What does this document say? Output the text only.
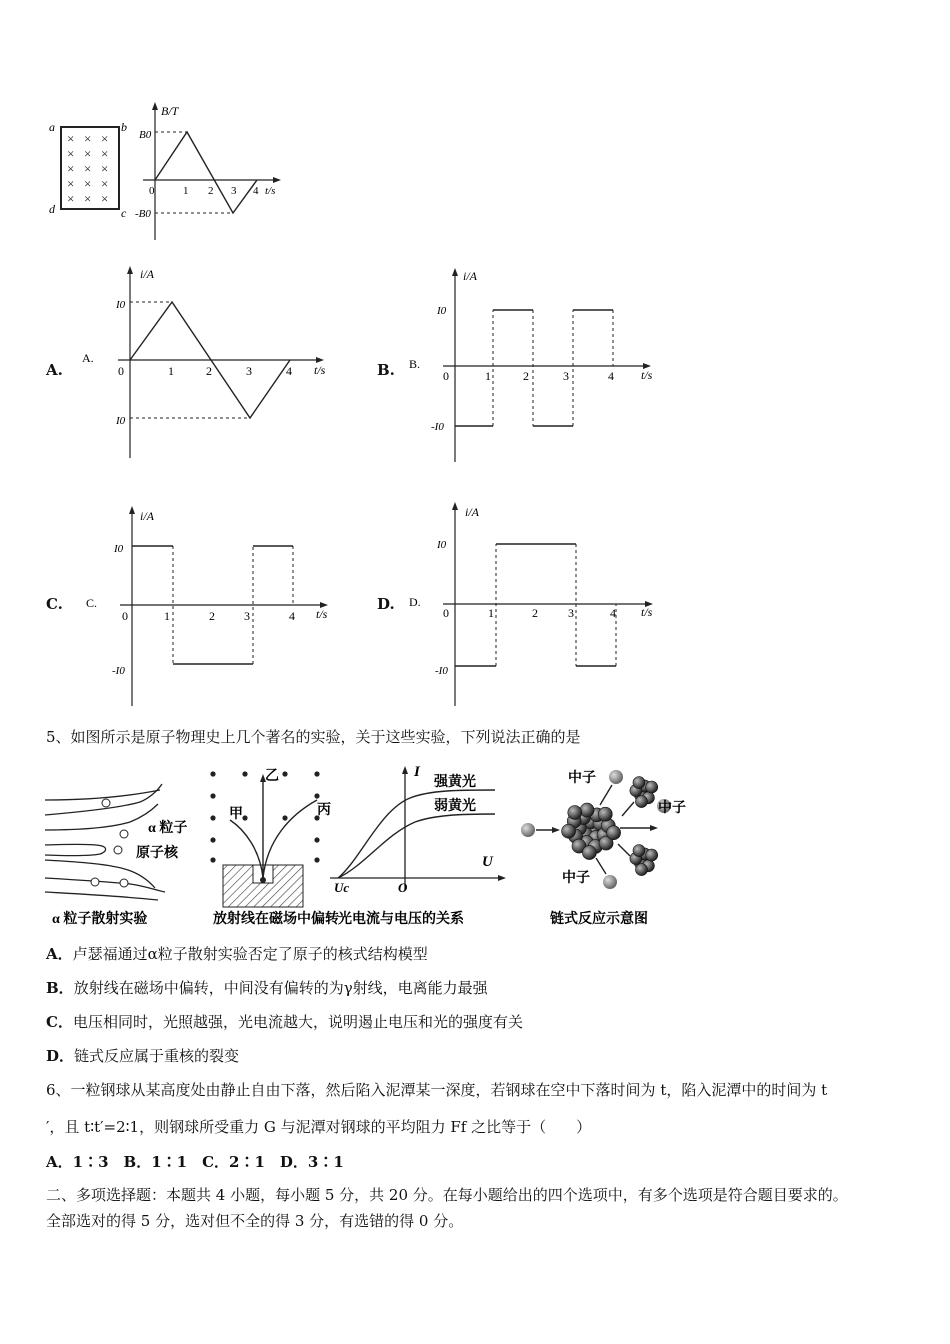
a	b
c
d
× × ×
× × ×
× × ×
× × ×
× × ×
B/T
t/s
B0
-B0
0	1 2 3 4
A.
i/A
t/s
A.
I0
I0
0	1	2	3	4	B.
i/A
t/s
B.
I0
-I0
0	1	2	3	4
C.
i/A
t/s
C.
I0
-I0
0	1	2 3	4
D.
i/A
t/s
D.
I0
-I0
0	1	2	3	4
5、如图所示是原子物理史上几个著名的实验，关于这些实验，下列说法正确的是
α 粒子
原子核
α 粒子散射实验
甲
乙
丙
放射线在磁场中偏转
I
U
Uc	O
强黄光
弱黄光
光电流与电压的关系
中子
中子
中子
链式反应示意图
A．卢瑟福通过α粒子散射实验否定了原子的核式结构模型
B．放射线在磁场中偏转，中间没有偏转的为γ射线，电离能力最强
C．电压相同时，光照越强，光电流越大，说明遏止电压和光的强度有关
D．链式反应属于重核的裂变
6、一粒钢球从某高度处由静止自由下落，然后陷入泥潭某一深度，若钢球在空中下落时间为 t，陷入泥潭中的时间为 t
′，且 t∶t′=2∶1，则钢球所受重力 G 与泥潭对钢球的平均阻力 Ff 之比等于（　　）
A．1∶3　B．1∶1　C．2∶1　D．3∶1
二、多项选择题：本题共 4 小题，每小题 5 分，共 20 分。在每小题给出的四个选项中，有多个选项是符合题目要求的。
全部选对的得 5 分，选对但不全的得 3 分，有选错的得 0 分。
